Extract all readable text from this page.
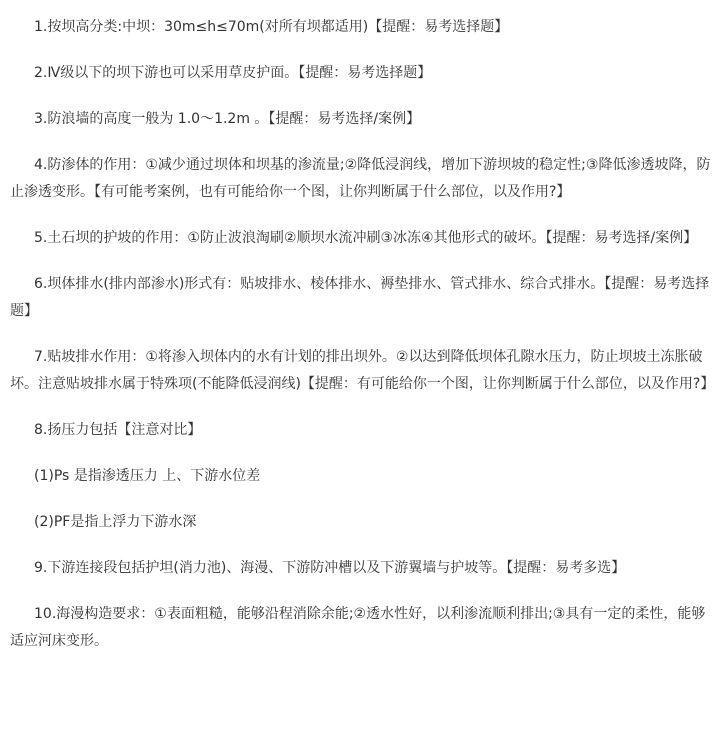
1.按坝高分类:中坝：30m≤h≤70m(对所有坝都适用)【提醒：易考选择题】

2.Ⅳ级以下的坝下游也可以采用草皮护面。【提醒：易考选择题】

3.防浪墙的高度一般为 1.0～1.2m 。【提醒：易考选择/案例】

4.防渗体的作用：①减少通过坝体和坝基的渗流量;②降低浸润线，增加下游坝坡的稳定性;③降低渗透坡降，防止渗透变形。【有可能考案例，也有可能给你一个图，让你判断属于什么部位，以及作用?】

5.土石坝的护坡的作用：①防止波浪淘刷②顺坝水流冲刷③冰冻④其他形式的破坏。【提醒：易考选择/案例】

6.坝体排水(排内部渗水)形式有：贴坡排水、棱体排水、褥垫排水、管式排水、综合式排水。【提醒：易考选择题】

7.贴坡排水作用：①将渗入坝体内的水有计划的排出坝外。②以达到降低坝体孔隙水压力，防止坝坡土冻胀破坏。注意贴坡排水属于特殊项(不能降低浸润线)【提醒：有可能给你一个图，让你判断属于什么部位，以及作用?】

8.扬压力包括【注意对比】

(1)Ps 是指渗透压力 上、下游水位差

(2)PF是指上浮力下游水深

9.下游连接段包括护坦(消力池)、海漫、下游防冲槽以及下游翼墙与护坡等。【提醒：易考多选】

10.海漫构造要求：①表面粗糙，能够沿程消除余能;②透水性好，以利渗流顺利排出;③具有一定的柔性，能够适应河床变形。
